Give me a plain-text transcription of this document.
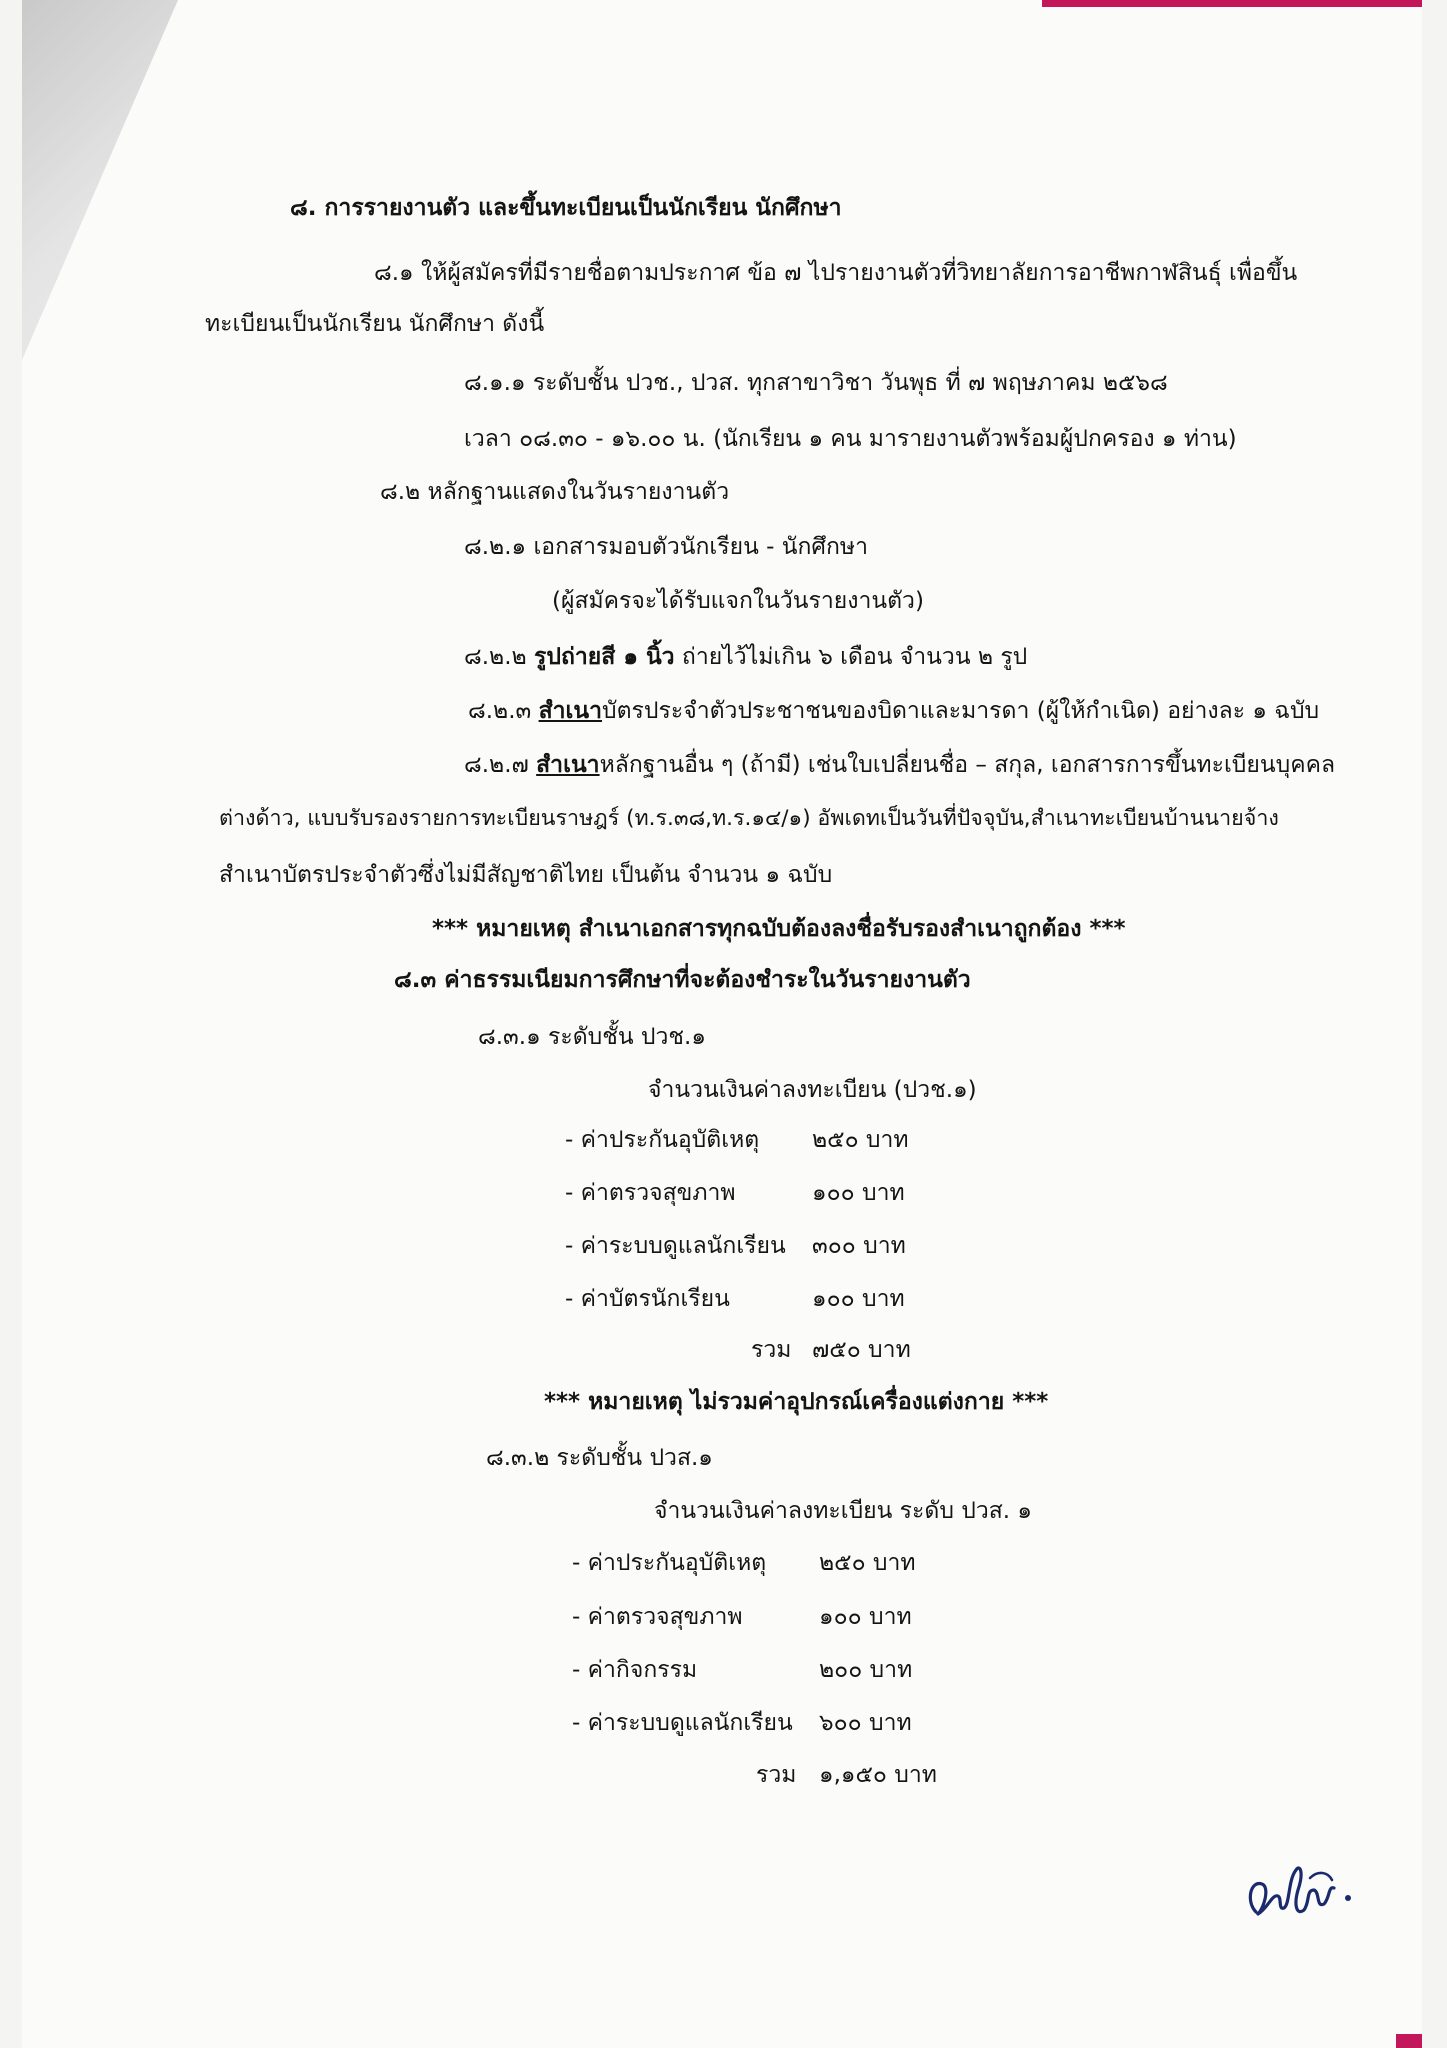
๘. การรายงานตัว และขึ้นทะเบียนเป็นนักเรียน นักศึกษา
๘.๑ ให้ผู้สมัครที่มีรายชื่อตามประกาศ ข้อ ๗ ไปรายงานตัวที่วิทยาลัยการอาชีพกาฬสินธุ์ เพื่อขึ้น
ทะเบียนเป็นนักเรียน นักศึกษา ดังนี้
๘.๑.๑ ระดับชั้น ปวช., ปวส. ทุกสาขาวิชา วันพุธ ที่ ๗ พฤษภาคม ๒๕๖๘
เวลา ๐๘.๓๐ - ๑๖.๐๐ น. (นักเรียน ๑ คน มารายงานตัวพร้อมผู้ปกครอง ๑ ท่าน)
๘.๒ หลักฐานแสดงในวันรายงานตัว
๘.๒.๑ เอกสารมอบตัวนักเรียน - นักศึกษา
(ผู้สมัครจะได้รับแจกในวันรายงานตัว)
๘.๒.๒ รูปถ่ายสี ๑ นิ้ว ถ่ายไว้ไม่เกิน ๖ เดือน จำนวน ๒ รูป
๘.๒.๓ สำเนาบัตรประจำตัวประชาชนของบิดาและมารดา (ผู้ให้กำเนิด) อย่างละ ๑ ฉบับ
๘.๒.๗ สำเนาหลักฐานอื่น ๆ (ถ้ามี) เช่นใบเปลี่ยนชื่อ – สกุล, เอกสารการขึ้นทะเบียนบุคคล
ต่างด้าว, แบบรับรองรายการทะเบียนราษฎร์ (ท.ร.๓๘,ท.ร.๑๔/๑) อัพเดทเป็นวันที่ปัจจุบัน,สำเนาทะเบียนบ้านนายจ้าง
สำเนาบัตรประจำตัวซึ่งไม่มีสัญชาติไทย เป็นต้น จำนวน ๑ ฉบับ
*** หมายเหตุ สำเนาเอกสารทุกฉบับต้องลงชื่อรับรองสำเนาถูกต้อง ***
๘.๓ ค่าธรรมเนียมการศึกษาที่จะต้องชำระในวันรายงานตัว
๘.๓.๑ ระดับชั้น ปวช.๑
จำนวนเงินค่าลงทะเบียน (ปวช.๑)
- ค่าประกันอุบัติเหตุ ๒๕๐ บาท
- ค่าตรวจสุขภาพ	๑๐๐ บาท
- ค่าระบบดูแลนักเรียน ๓๐๐ บาท
- ค่าบัตรนักเรียน	๑๐๐ บาท
รวม ๗๕๐ บาท
*** หมายเหตุ ไม่รวมค่าอุปกรณ์เครื่องแต่งกาย ***
๘.๓.๒ ระดับชั้น ปวส.๑
จำนวนเงินค่าลงทะเบียน ระดับ ปวส. ๑
- ค่าประกันอุบัติเหตุ ๒๕๐ บาท
- ค่าตรวจสุขภาพ	๑๐๐ บาท
- ค่ากิจกรรม	๒๐๐ บาท
- ค่าระบบดูแลนักเรียน ๖๐๐ บาท
รวม ๑,๑๕๐ บาท
